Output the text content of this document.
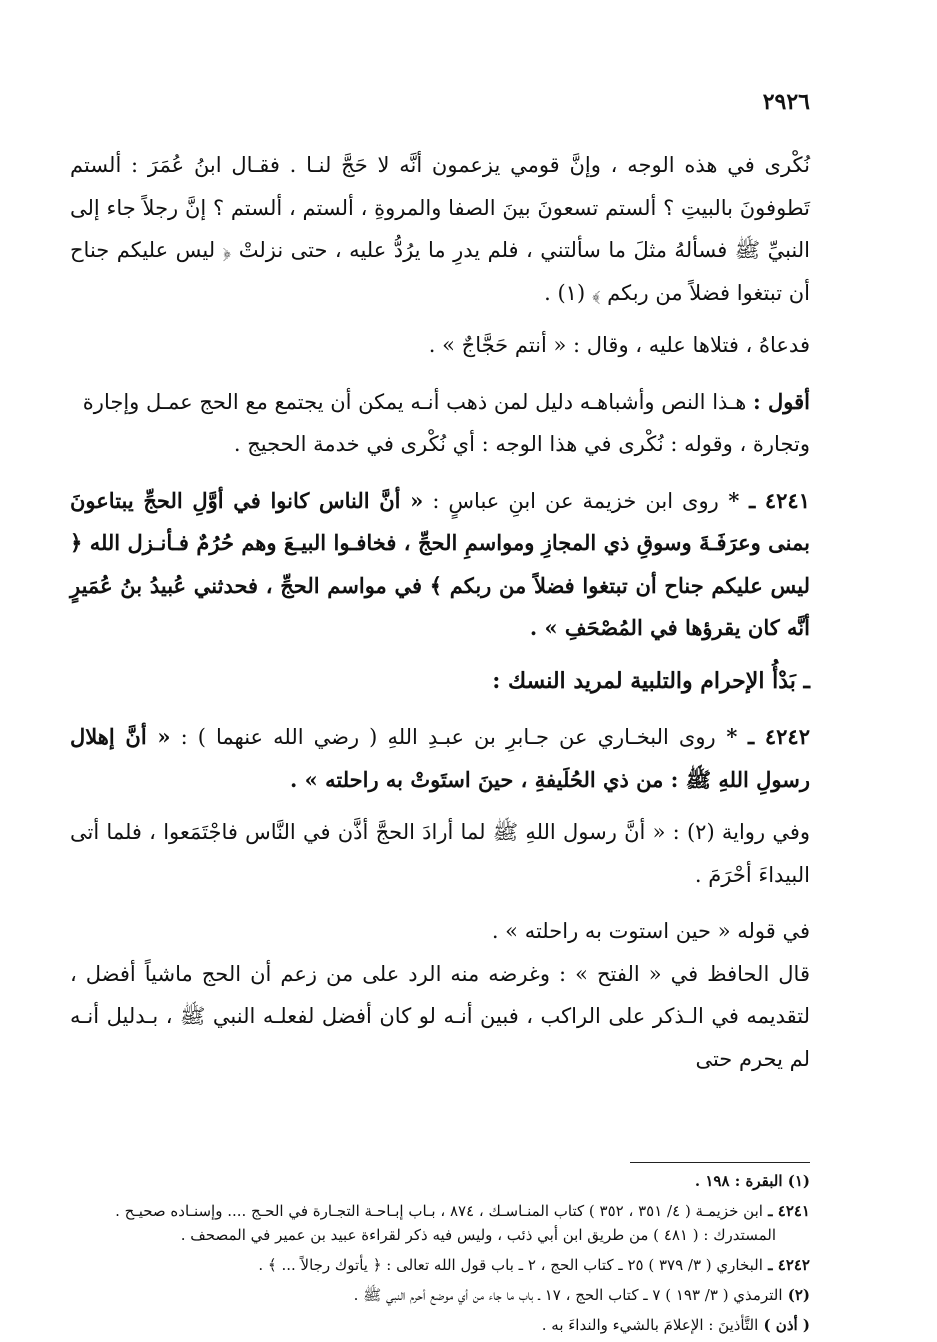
٢٩٢٦

نُكْرى في هذه الوجه ، وإنَّ قومي يزعمون أنَّه لا حَجَّ لنـا . فقـال ابنُ عُمَرَ : ألستم تَطوفونَ بالبيتِ ؟ ألستم تسعونَ بينَ الصفا والمروةِ ، ألستم ، ألستم ؟ إنَّ رجلاً جاء إلى النبيِّ ﷺ فسألهُ مثلَ ما سألتني ، فلم يدرِ ما يرُدُّ عليه ، حتى نزلتْ ﴿ ليس عليكم جناح أن تبتغوا فضلاً من ربكم ﴾ (١) .

فدعاهُ ، فتلاها عليه ، وقال : « أنتم حَجَّاجٌ » .

أقول : هـذا النص وأشباهـه دليل لمن ذهب أنـه يمكن أن يجتمع مع الحج عمـل وإجارة

وتجارة ، وقوله : نُكْرى في هذا الوجه : أي نُكْرى في خدمة الحجيج .

٤٢٤١ ـ * روى ابن خزيمة عن ابنِ عباسٍ : « أنَّ الناس كانوا في أوَّلِ الحجِّ يبتاعونَ بمنى وعرَفَـةَ وسوقِ ذي المجازِ ومواسمِ الحجِّ ، فخافـوا البيـعَ وهم حُرُمٌ فـأنـزل الله ﴿ ليس عليكم جناح أن تبتغوا فضلاً من ربكم ﴾ في مواسم الحجِّ ، فحدثني عُبيدُ بنُ عُمَيرٍ أنَّه كان يقرؤها في المُصْحَفِ » .

ـ بَدْأُ الإحرام والتلبية لمريد النسك :

٤٢٤٢ ـ * روى البخـاري عن جـابرِ بن عبـدِ اللهِ ( رضي الله عنهما ) : « أنَّ إهلال رسولِ اللهِ ﷺ : من ذي الحُلَيفةِ ، حينَ استَوتْ به راحلته » .

وفي رواية (٢) : « أنَّ رسول اللهِ ﷺ لما أرادَ الحجَّ أذَّن في النَّاس فاجْتَمَعوا ، فلما أتى البيداءَ أحْرَمَ .

في قوله « حين استوت به راحلته » .

قال الحافظ في « الفتح » : وغرضه منه الرد على من زعم أن الحج ماشياً أفضل ، لتقديمه في الـذكر على الراكب ، فبين أنـه لو كان أفضل لفعلـه النبي ﷺ ، بـدليل أنـه لم يحرم حتى

(١) البقرة : ١٩٨ .

٤٢٤١ ـ ابن خزيمـة ( ٤/ ٣٥١ ، ٣٥٢ ) كتاب المنـاسـك ، ٨٧٤ ، بـاب إبـاحـة التجـارة في الحـج .... وإسنـاده صحيـح .

المستدرك : ( ٤٨١ ) من طريق ابن أبي ذئب ، وليس فيه ذكر لقراءة عبيد بن عمير في المصحف .

٤٢٤٢ ـ البخاري ( ٣/ ٣٧٩ ) ٢٥ ـ كتاب الحج ، ٢ ـ باب قول الله تعالى : ﴿ يأتوك رجالاً ... ﴾ .

(٢) الترمذي ( ٣/ ١٩٣ ) ٧ ـ كتاب الحج ، ١٧ ـ باب ما جاء من أي موضع أحرم النبي ﷺ .

( أذن ) التَّأذينَ : الإعلامَ بالشيء والنداءَ به .
